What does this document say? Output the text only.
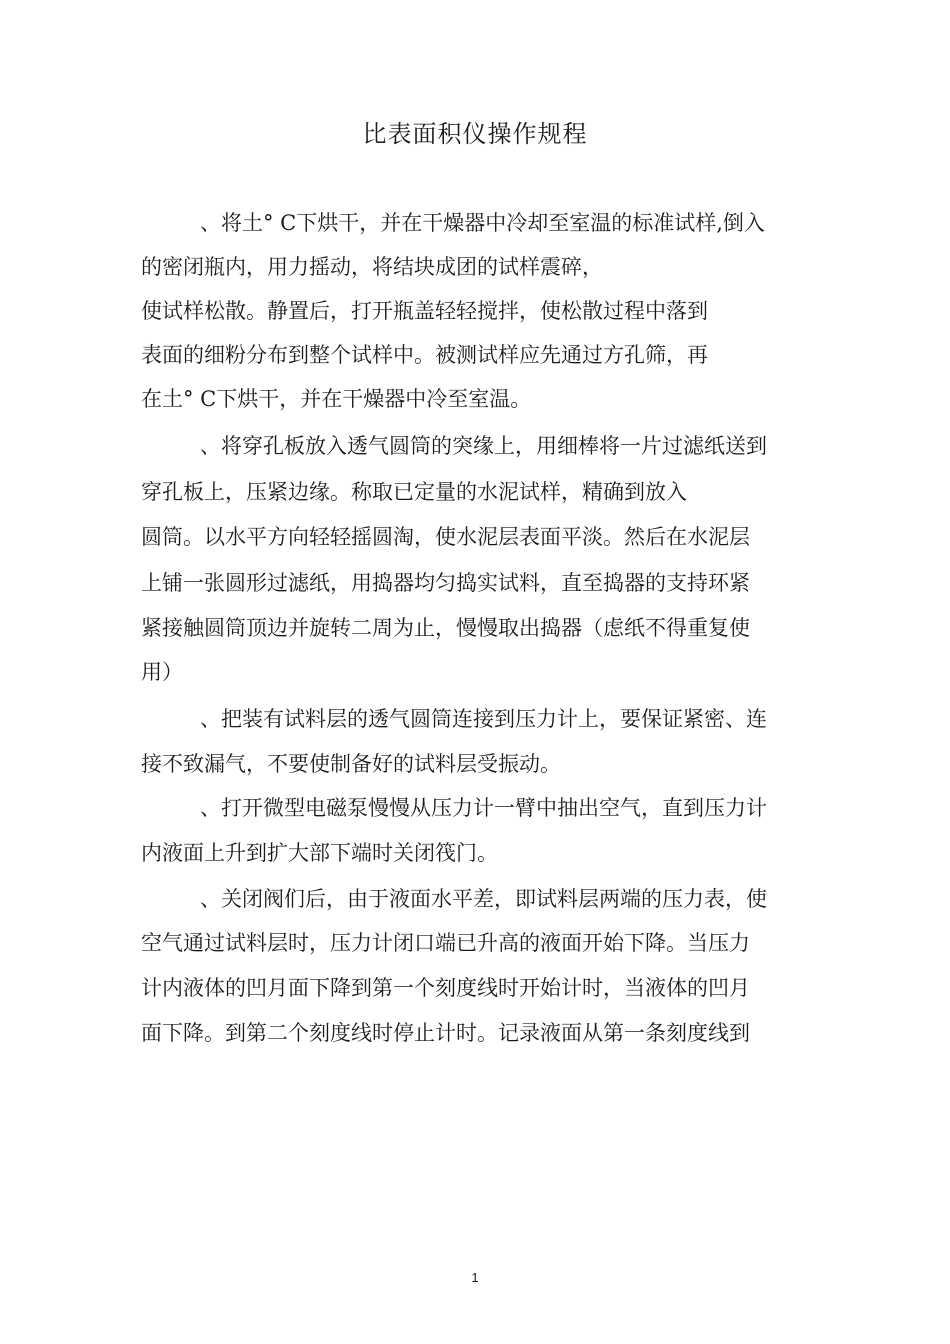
比表面积仪操作规程
、将土° C下烘干，并在干燥器中冷却至室温的标准试样,倒入
的密闭瓶内，用力摇动，将结块成团的试样震碎，
使试样松散。静置后，打开瓶盖轻轻搅拌，使松散过程中落到
表面的细粉分布到整个试样中。被测试样应先通过方孔筛，再
在土° C下烘干，并在干燥器中冷至室温。
、将穿孔板放入透气圆筒的突缘上，用细棒将一片过滤纸送到
穿孔板上，压紧边缘。称取已定量的水泥试样，精确到放入
圆筒。以水平方向轻轻摇圆淘，使水泥层表面平淡。然后在水泥层
上铺一张圆形过滤纸，用捣器均匀捣实试料，直至捣器的支持环紧
紧接触圆筒顶边并旋转二周为止，慢慢取出捣器（虑纸不得重复使
用）
、把装有试料层的透气圆筒连接到压力计上，要保证紧密、连
接不致漏气，不要使制备好的试料层受振动。
、打开微型电磁泵慢慢从压力计一臂中抽出空气，直到压力计
内液面上升到扩大部下端时关闭筏门。
、关闭阀们后，由于液面水平差，即试料层两端的压力表，使
空气通过试料层时，压力计闭口端已升高的液面开始下降。当压力
计内液体的凹月面下降到第一个刻度线时开始计时，当液体的凹月
面下降。到第二个刻度线时停止计时。记录液面从第一条刻度线到
1
